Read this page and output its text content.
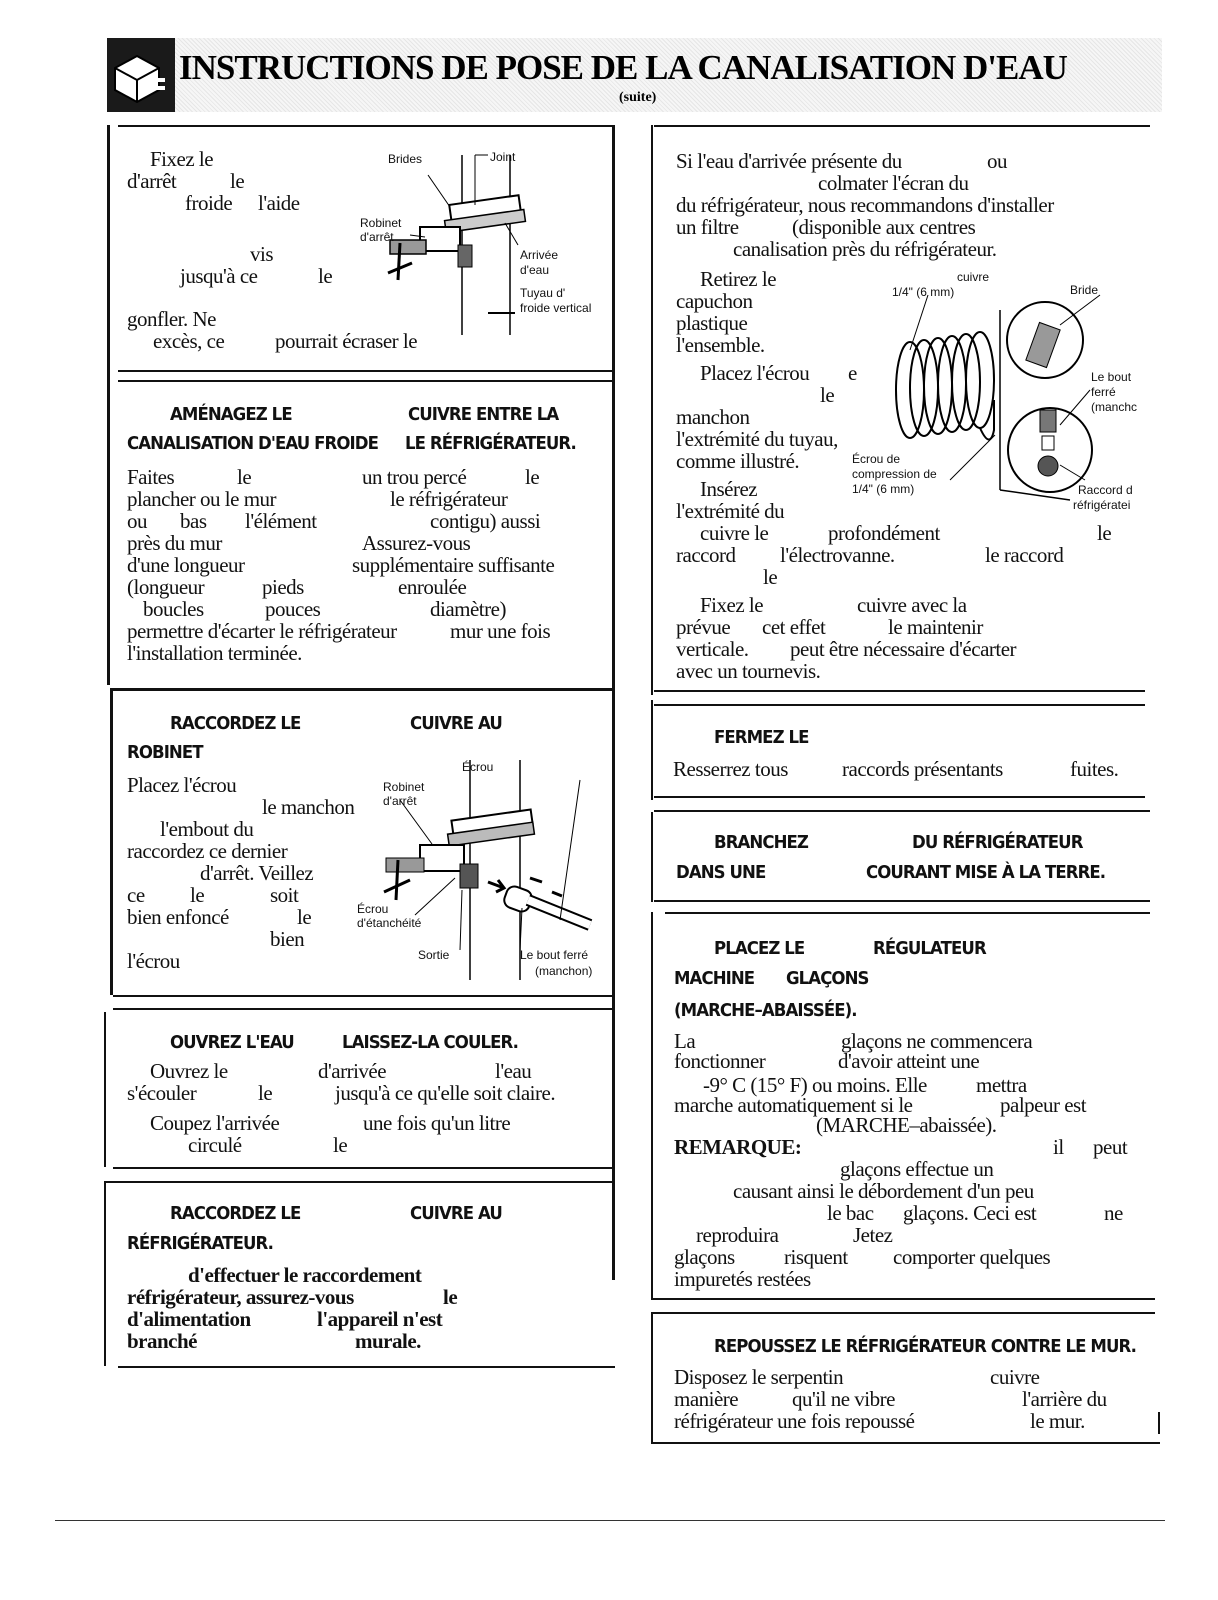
INSTRUCTIONS DE POSE DE LA CANALISATION D'EAU
(suite)
Fixez le
d'arrêt	le
froide l'aide
vis
jusqu'à ce	le
gonfler. Ne
excès, ce pourrait écraser le
Brides	Joint
Robinet
d'arrêt
Arrivée
d'eau
Tuyau d'
froide vertical
AMÉNAGEZ LE	CUIVRE ENTRE LA
CANALISATION D'EAU FROIDE LE RÉFRIGÉRATEUR.
Faites	le	un trou percé	le
plancher ou le mur	le réfrigérateur
ou bas l'élément	contigu) aussi
près du mur	Assurez-vous
d'une longueur	supplémentaire suffisante
(longueur	pieds	enroulée
boucles	pouces	diamètre)
permettre d'écarter le réfrigérateur	mur une fois
l'installation terminée.
RACCORDEZ LE	CUIVRE AU
ROBINET
Placez l'écrou
le manchon
l'embout du
raccordez ce dernier
d'arrêt. Veillez
ce le	soit
bien enfoncé	le
bien
l'écrou
Écrou
Robinet
d'arrêt
Écrou
d'étanchéité
Sortie	Le bout ferré
(manchon)
OUVREZ L'EAU	LAISSEZ-LA COULER.
Ouvrez le	d'arrivée	l'eau
s'écouler	le	jusqu'à ce qu'elle soit claire.
Coupez l'arrivée	une fois qu'un litre
circulé	le
RACCORDEZ LE	CUIVRE AU
RÉFRIGÉRATEUR.
d'effectuer le raccordement
réfrigérateur, assurez-vous	le
d'alimentation	l'appareil n'est
branché	murale.
Si l'eau d'arrivée présente du	ou
colmater l'écran du
du réfrigérateur, nous recommandons d'installer
un filtre	(disponible aux centres
canalisation près du réfrigérateur.
Retirez le
capuchon
plastique
l'ensemble.
Placez l'écrou e
le
manchon
l'extrémité du tuyau,
comme illustré.
Insérez
l'extrémité du
cuivre le	profondément	le
raccord l'électrovanne.	le raccord
le
Fixez le	cuivre avec la
prévue cet effet	le maintenir
verticale. peut être nécessaire d'écarter
avec un tournevis.
cuivre
1/4" (6 mm)	Bride
Le bout
ferré
(manchc
Écrou de
compression de
1/4" (6 mm)	Raccord d
réfrigératei
FERMEZ LE
Resserrez tous	raccords présentants	fuites.
BRANCHEZ	DU RÉFRIGÉRATEUR
DANS UNE	COURANT MISE À LA TERRE.
PLACEZ LE	RÉGULATEUR
MACHINE GLAÇONS
(MARCHE–ABAISSÉE).
La	glaçons ne commencera
fonctionner	d'avoir atteint une
-9° C (15° F) ou moins. Elle mettra
marche automatiquement si le	palpeur est
(MARCHE–abaissée).
REMARQUE:	il peut
glaçons effectue un
causant ainsi le débordement d'un peu
le bac glaçons. Ceci est	ne
reproduira	Jetez
glaçons risquent comporter quelques
impuretés restées
REPOUSSEZ LE RÉFRIGÉRATEUR CONTRE LE MUR.
Disposez le serpentin	cuivre
manière	qu'il ne vibre	l'arrière du
réfrigérateur une fois repoussé	le mur.
